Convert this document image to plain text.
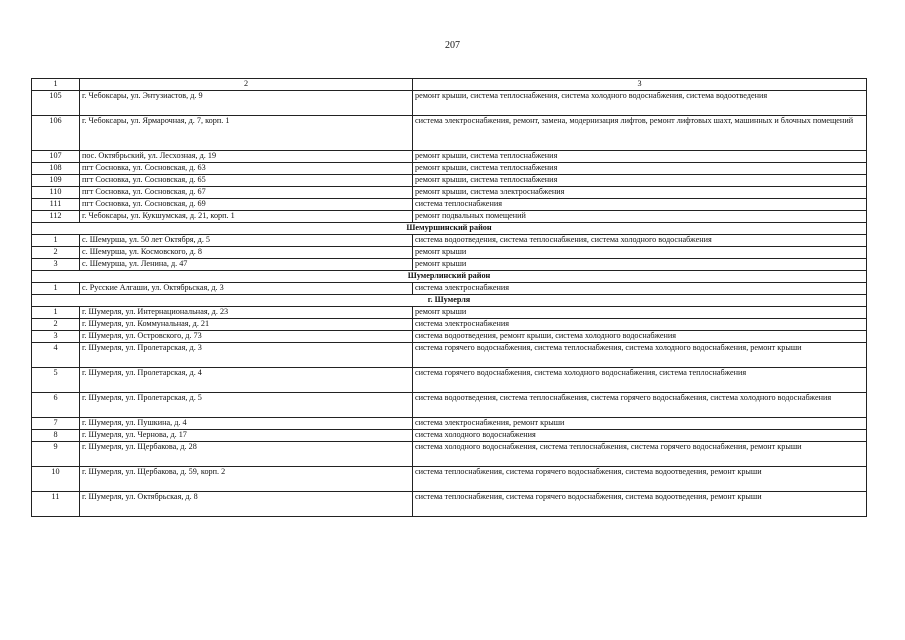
207
1	2	3
105	г. Чебоксары, ул. Энтузиастов, д. 9	ремонт крыши, система теплоснабжения, система холодного водоснабжения, система водоотведения
106	г. Чебоксары, ул. Ярмарочная, д. 7, корп. 1	система электроснабжения, ремонт, замена, модернизация лифтов, ремонт лифтовых шахт, машинных и блочных помещений
107	пос. Октябрьский, ул. Лесхозная, д. 19	ремонт крыши, система теплоснабжения
108	пгт Сосновка, ул. Сосновская, д. 63	ремонт крыши, система теплоснабжения
109	пгт Сосновка, ул. Сосновская, д. 65	ремонт крыши, система теплоснабжения
110	пгт Сосновка, ул. Сосновская, д. 67	ремонт крыши, система электроснабжения
111	пгт Сосновка, ул. Сосновская, д. 69	система теплоснабжения
112	г. Чебоксары, ул. Кукшумская, д. 21, корп. 1	ремонт подвальных помещений
Шемуршинский район		
1	с. Шемурша, ул. 50 лет Октября, д. 5	система водоотведения, система теплоснабжения, система холодного водоснабжения
2	с. Шемурша, ул. Космовского, д. 8	ремонт крыши
3	с. Шемурша, ул. Ленина, д. 47	ремонт крыши
Шумерлинский район		
1	с. Русские Алгаши, ул. Октябрьская, д. 3	система электроснабжения
г. Шумерля		
1	г. Шумерля, ул. Интернациональная, д. 23	ремонт крыши
2	г. Шумерля, ул. Коммунальная, д. 21	система электроснабжения
3	г. Шумерля, ул. Островского, д. 73	система водоотведения, ремонт крыши, система холодного водоснабжения
4	г. Шумерля, ул. Пролетарская, д. 3	система горячего водоснабжения, система теплоснабжения, система холодного водоснабжения, ремонт крыши
5	г. Шумерля, ул. Пролетарская, д. 4	система горячего водоснабжения, система холодного водоснабжения, система теплоснабжения
6	г. Шумерля, ул. Пролетарская, д. 5	система водоотведения, система теплоснабжения, система горячего водоснабжения, система холодного водоснабжения
7	г. Шумерля, ул. Пушкина, д. 4	система электроснабжения, ремонт крыши
8	г. Шумерля, ул. Чернова, д. 17	система холодного водоснабжения
9	г. Шумерля, ул. Щербакова, д. 28	система холодного водоснабжения, система теплоснабжения, система горячего водоснабжения, ремонт крыши
10	г. Шумерля, ул. Щербакова, д. 59, корп. 2	система теплоснабжения, система горячего водоснабжения, система водоотведения, ремонт крыши
11	г. Шумерля, ул. Октябрьская, д. 8	система теплоснабжения, система горячего водоснабжения, система водоотведения, ремонт крыши
